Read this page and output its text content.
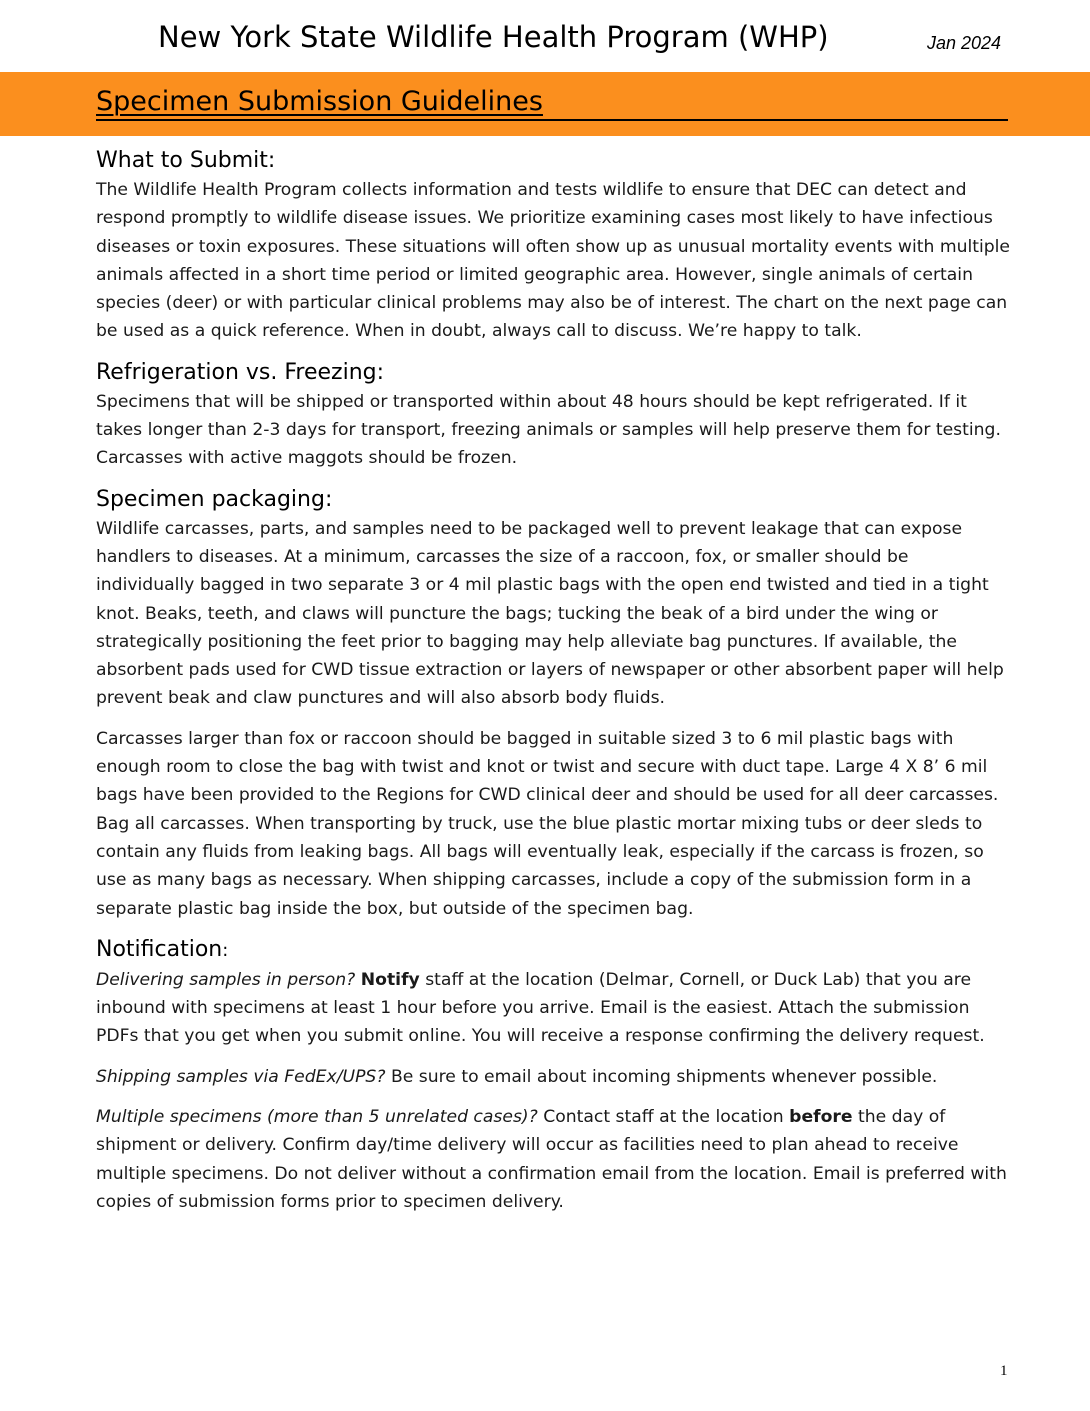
New York State Wildlife Health Program (WHP)	Jan 2024
Specimen Submission Guidelines
What to Submit:

The Wildlife Health Program collects information and tests wildlife to ensure that DEC can detect and respond promptly to wildlife disease issues. We prioritize examining cases most likely to have infectious diseases or toxin exposures. These situations will often show up as unusual mortality events with multiple animals affected in a short time period or limited geographic area. However, single animals of certain species (deer) or with particular clinical problems may also be of interest. The chart on the next page can be used as a quick reference. When in doubt, always call to discuss. We’re happy to talk.

Refrigeration vs. Freezing:

Specimens that will be shipped or transported within about 48 hours should be kept refrigerated. If it takes longer than 2-3 days for transport, freezing animals or samples will help preserve them for testing. Carcasses with active maggots should be frozen.

Specimen packaging:

Wildlife carcasses, parts, and samples need to be packaged well to prevent leakage that can expose handlers to diseases. At a minimum, carcasses the size of a raccoon, fox, or smaller should be individually bagged in two separate 3 or 4 mil plastic bags with the open end twisted and tied in a tight knot. Beaks, teeth, and claws will puncture the bags; tucking the beak of a bird under the wing or strategically positioning the feet prior to bagging may help alleviate bag punctures. If available, the absorbent pads used for CWD tissue extraction or layers of newspaper or other absorbent paper will help prevent beak and claw punctures and will also absorb body fluids.

Carcasses larger than fox or raccoon should be bagged in suitable sized 3 to 6 mil plastic bags with enough room to close the bag with twist and knot or twist and secure with duct tape. Large 4 X 8’ 6 mil bags have been provided to the Regions for CWD clinical deer and should be used for all deer carcasses. Bag all carcasses. When transporting by truck, use the blue plastic mortar mixing tubs or deer sleds to contain any fluids from leaking bags. All bags will eventually leak, especially if the carcass is frozen, so use as many bags as necessary. When shipping carcasses, include a copy of the submission form in a separate plastic bag inside the box, but outside of the specimen bag.

Notification:

Delivering samples in person? Notify staff at the location (Delmar, Cornell, or Duck Lab) that you are inbound with specimens at least 1 hour before you arrive. Email is the easiest. Attach the submission PDFs that you get when you submit online. You will receive a response confirming the delivery request.

Shipping samples via FedEx/UPS? Be sure to email about incoming shipments whenever possible.

Multiple specimens (more than 5 unrelated cases)? Contact staff at the location before the day of shipment or delivery. Confirm day/time delivery will occur as facilities need to plan ahead to receive multiple specimens. Do not deliver without a confirmation email from the location. Email is preferred with copies of submission forms prior to specimen delivery.

1
